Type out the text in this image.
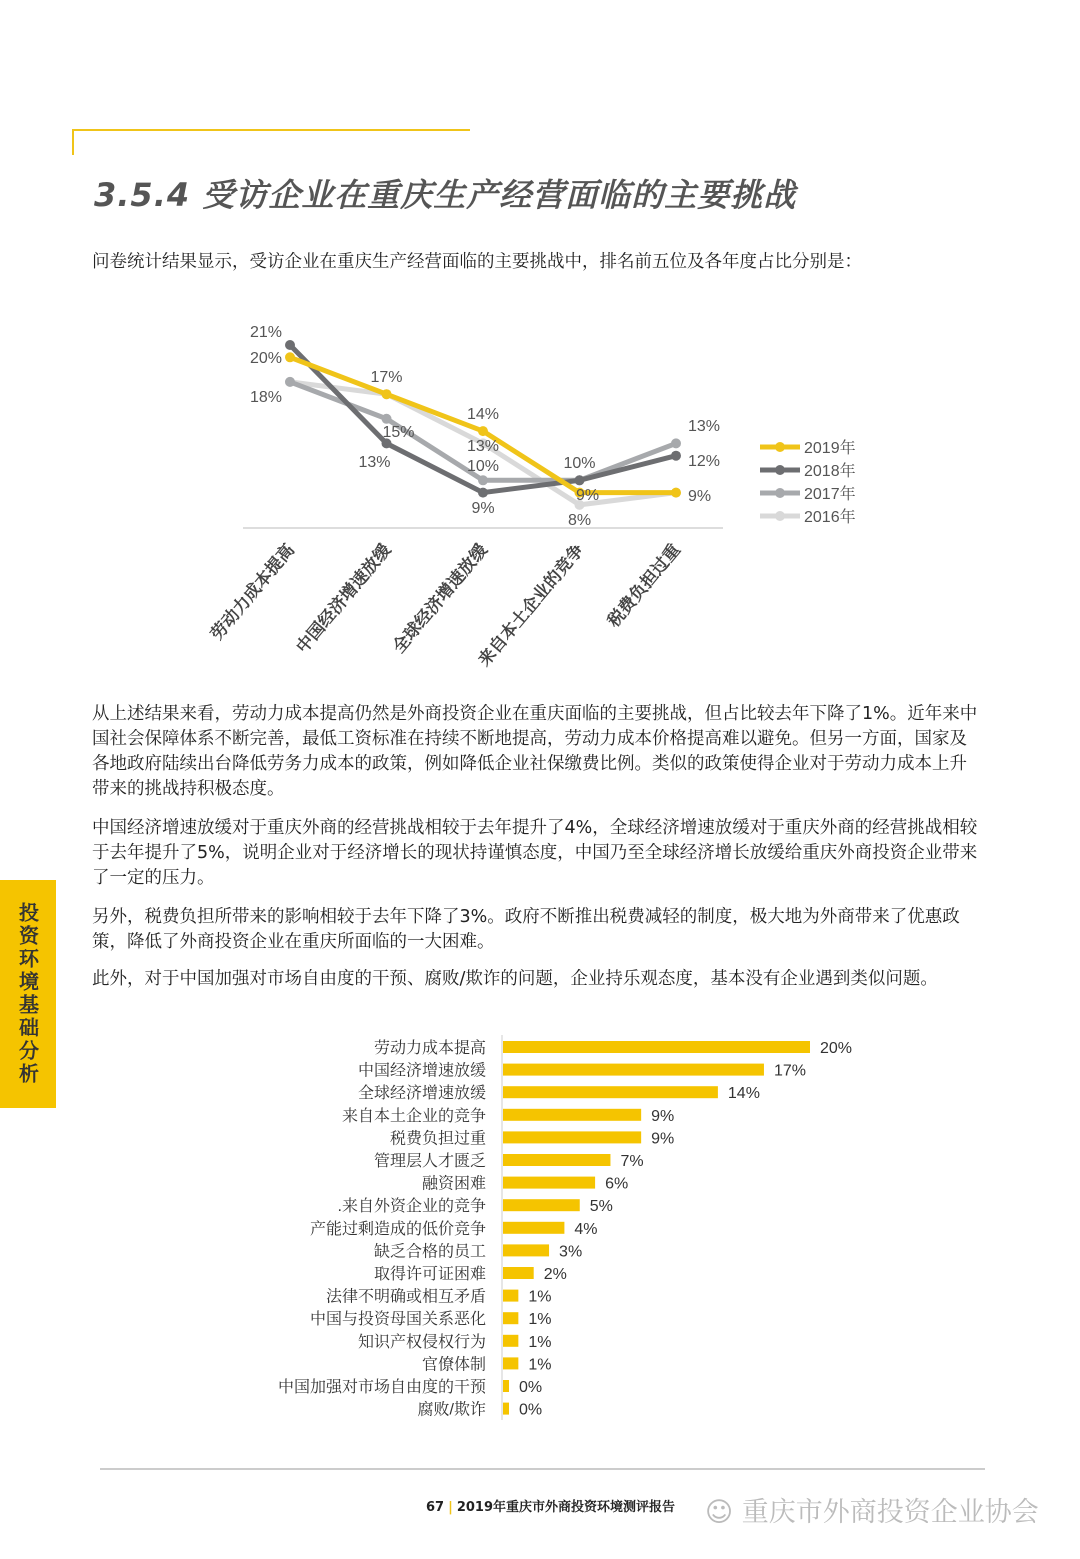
3.5.4 受访企业在重庆生产经营面临的主要挑战

问卷统计结果显示，受访企业在重庆生产经营面临的主要挑战中，排名前五位及各年度占比分别是：

劳动力成本提高
中国经济增速放缓
全球经济增速放缓
来自本土企业的竞争 税费负担过重
20%
17%
14%
9%	9%
21%
13%
9%
10%	12%
18%
15%
10%
13%
13%
8%
2019年
2018年
2017年
2016年

从上述结果来看，劳动力成本提高仍然是外商投资企业在重庆面临的主要挑战，但占比较去年下降了1%。近年来中国社会保障体系不断完善，最低工资标准在持续不断地提高，劳动力成本价格提高难以避免。但另一方面，国家及各地政府陆续出台降低劳务力成本的政策，例如降低企业社保缴费比例。类似的政策使得企业对于劳动力成本上升带来的挑战持积极态度。

中国经济增速放缓对于重庆外商的经营挑战相较于去年提升了4%，全球经济增速放缓对于重庆外商的经营挑战相较于去年提升了5%，说明企业对于经济增长的现状持谨慎态度，中国乃至全球经济增长放缓给重庆外商投资企业带来了一定的压力。

另外，税费负担所带来的影响相较于去年下降了3%。政府不断推出税费减轻的制度，极大地为外商带来了优惠政策，降低了外商投资企业在重庆所面临的一大困难。

此外，对于中国加强对市场自由度的干预、腐败/欺诈的问题，企业持乐观态度，基本没有企业遇到类似问题。

投资环境基础分析	劳动力成本提高	20%
中国经济增速放缓	17%
全球经济增速放缓	14%
来自本土企业的竞争	9%
税费负担过重	9%
管理层人才匮乏	7%
融资困难	6%
.来自外资企业的竞争	5%
产能过剩造成的低价竞争	4%
缺乏合格的员工	3%
取得许可证困难	2%
法律不明确或相互矛盾	1%
中国与投资母国关系恶化	1%
知识产权侵权行为	1%
官僚体制	1%
中国加强对市场自由度的干预 0%
腐败/欺诈 0%
67 | 2019年重庆市外商投资环境测评报告 ☺ 重庆市外商投资企业协会
